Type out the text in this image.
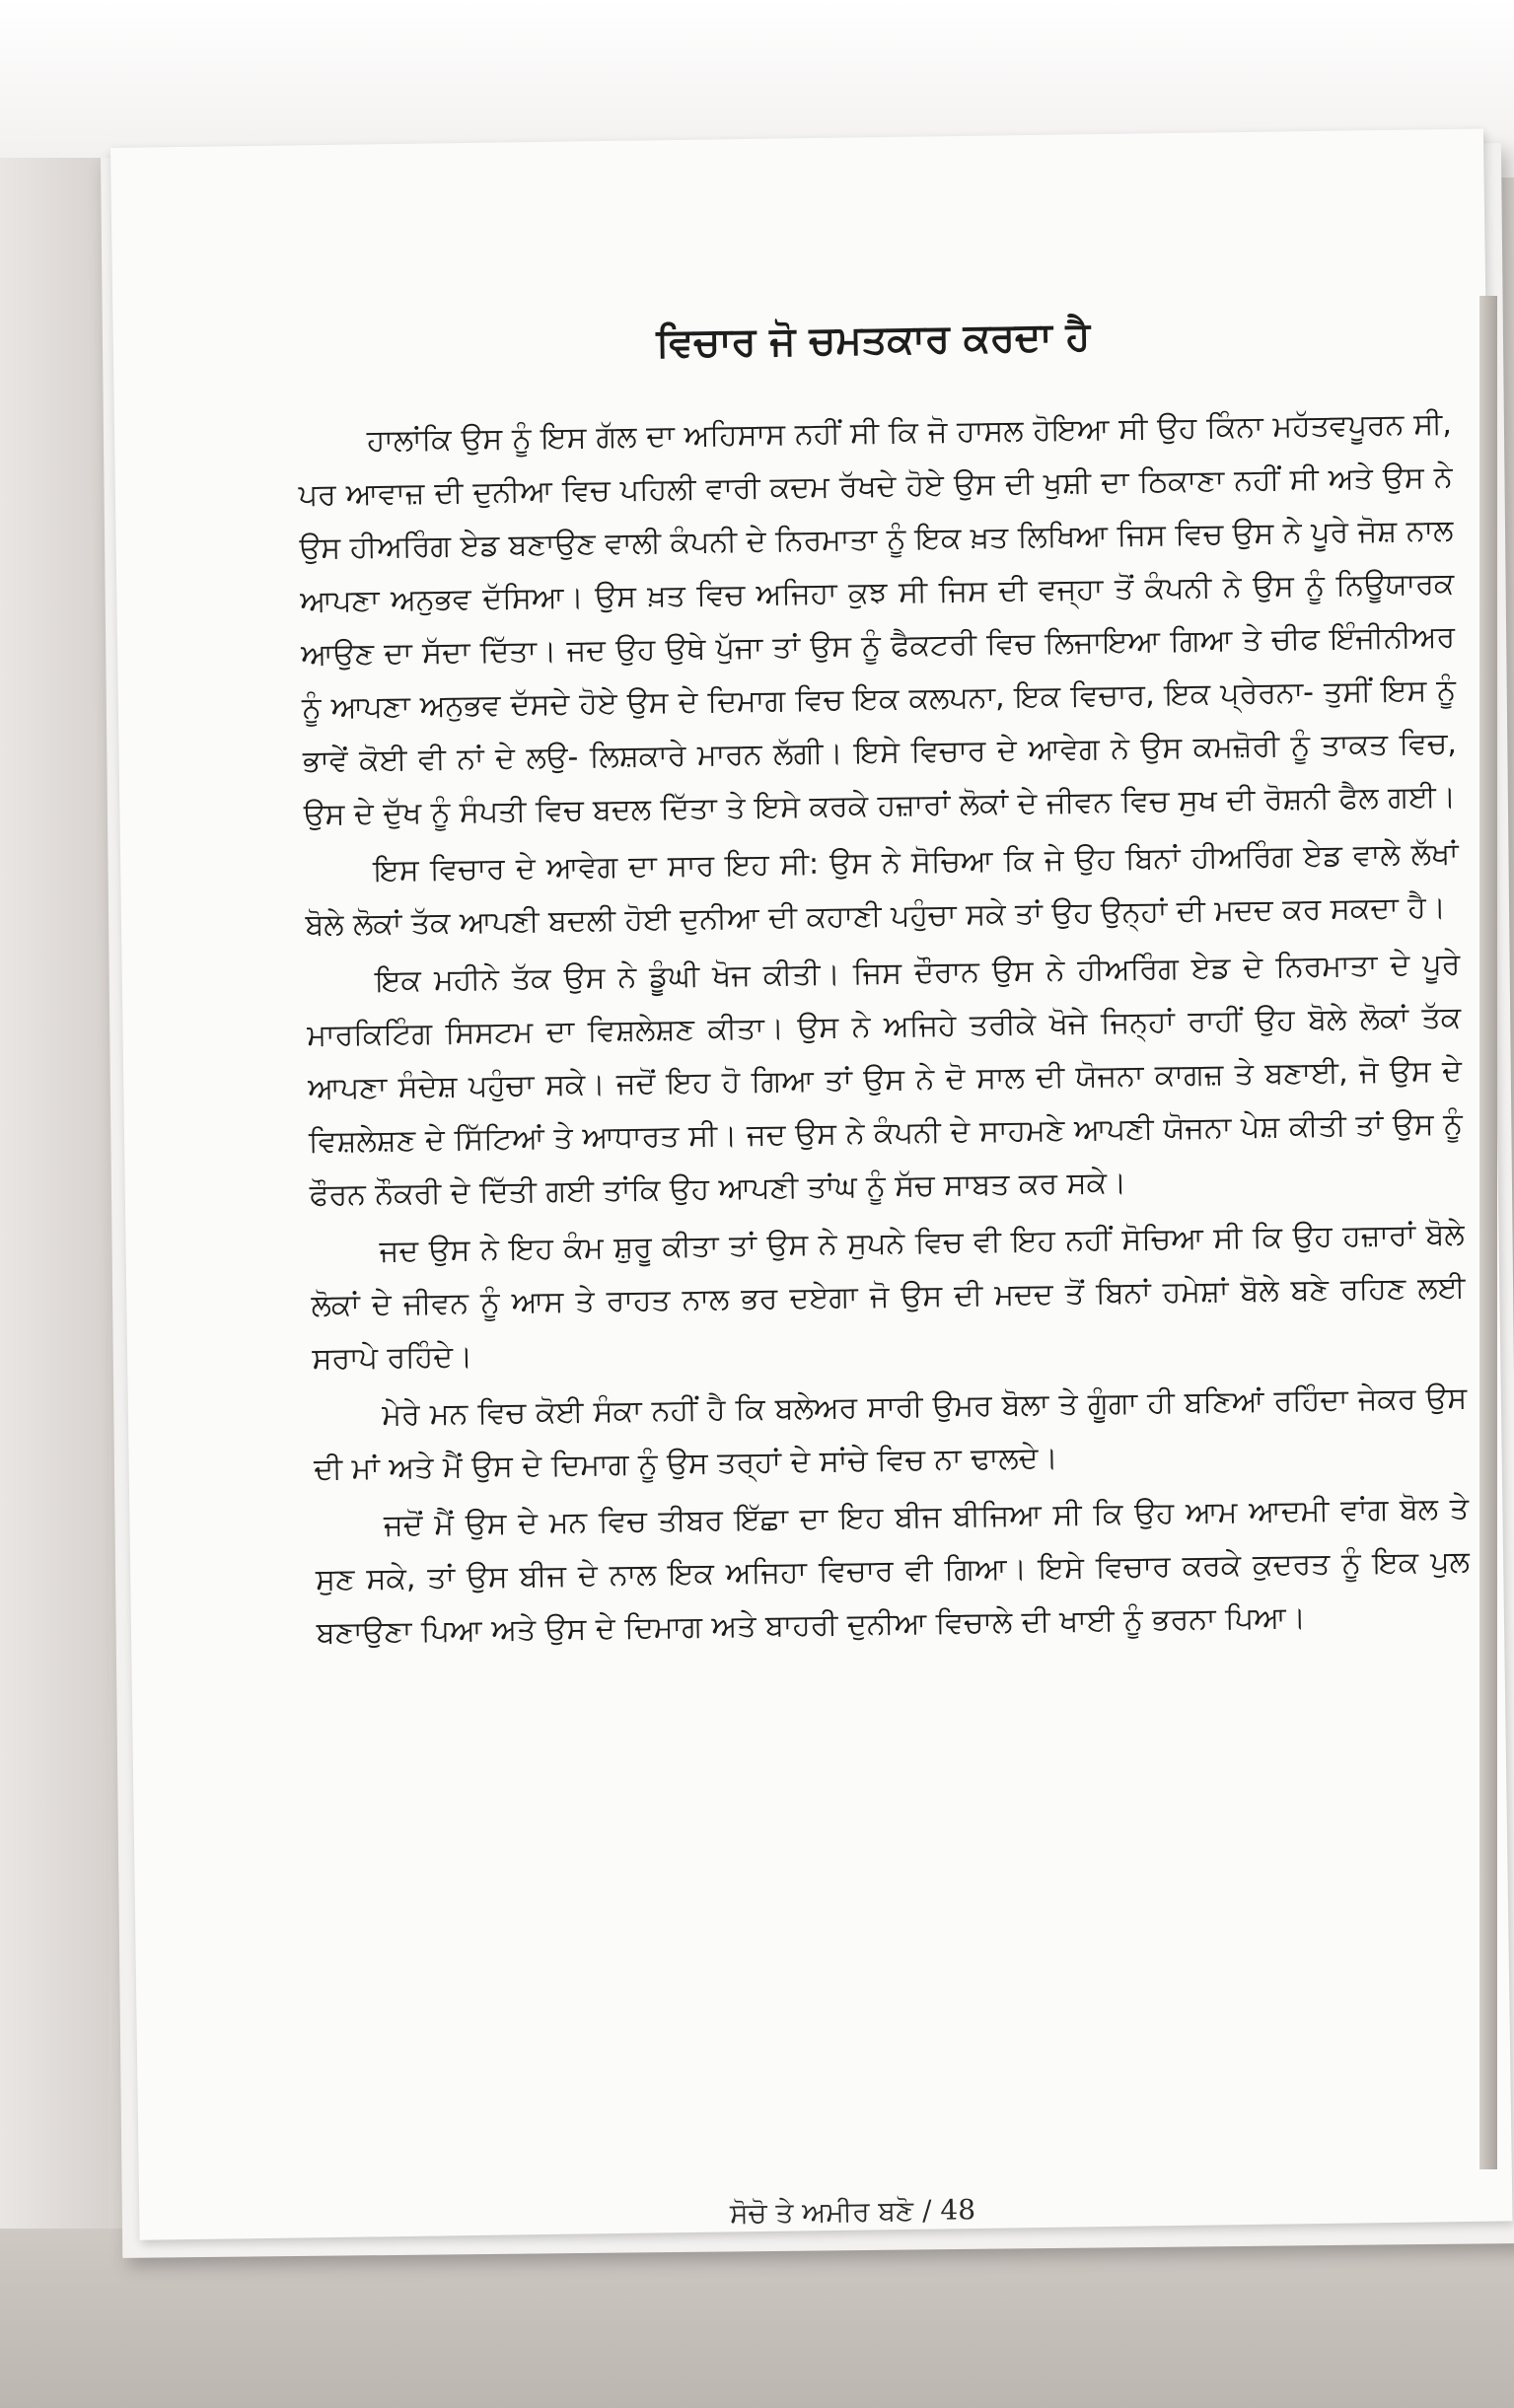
ਵਿਚਾਰ ਜੋ ਚਮਤਕਾਰ ਕਰਦਾ ਹੈ

ਹਾਲਾਂਕਿ ਉਸ ਨੂੰ ਇਸ ਗੱਲ ਦਾ ਅਹਿਸਾਸ ਨਹੀਂ ਸੀ ਕਿ ਜੋ ਹਾਸਲ ਹੋਇਆ ਸੀ ਉਹ ਕਿੰਨਾ ਮਹੱਤਵਪੂਰਨ ਸੀ, ਪਰ ਆਵਾਜ਼ ਦੀ ਦੁਨੀਆ ਵਿਚ ਪਹਿਲੀ ਵਾਰੀ ਕਦਮ ਰੱਖਦੇ ਹੋਏ ਉਸ ਦੀ ਖੁਸ਼ੀ ਦਾ ਠਿਕਾਣਾ ਨਹੀਂ ਸੀ ਅਤੇ ਉਸ ਨੇ ਉਸ ਹੀਅਰਿੰਗ ਏਡ ਬਣਾਉਣ ਵਾਲੀ ਕੰਪਨੀ ਦੇ ਨਿਰਮਾਤਾ ਨੂੰ ਇਕ ਖ਼ਤ ਲਿਖਿਆ ਜਿਸ ਵਿਚ ਉਸ ਨੇ ਪੂਰੇ ਜੋਸ਼ ਨਾਲ ਆਪਣਾ ਅਨੁਭਵ ਦੱਸਿਆ। ਉਸ ਖ਼ਤ ਵਿਚ ਅਜਿਹਾ ਕੁਝ ਸੀ ਜਿਸ ਦੀ ਵਜ੍ਹਾ ਤੋਂ ਕੰਪਨੀ ਨੇ ਉਸ ਨੂੰ ਨਿਊਯਾਰਕ ਆਉਣ ਦਾ ਸੱਦਾ ਦਿੱਤਾ। ਜਦ ਉਹ ਉਥੇ ਪੁੱਜਾ ਤਾਂ ਉਸ ਨੂੰ ਫੈਕਟਰੀ ਵਿਚ ਲਿਜਾਇਆ ਗਿਆ ਤੇ ਚੀਫ ਇੰਜੀਨੀਅਰ ਨੂੰ ਆਪਣਾ ਅਨੁਭਵ ਦੱਸਦੇ ਹੋਏ ਉਸ ਦੇ ਦਿਮਾਗ ਵਿਚ ਇਕ ਕਲਪਨਾ, ਇਕ ਵਿਚਾਰ, ਇਕ ਪ੍ਰੇਰਨਾ- ਤੁਸੀਂ ਇਸ ਨੂੰ ਭਾਵੇਂ ਕੋਈ ਵੀ ਨਾਂ ਦੇ ਲਉ- ਲਿਸ਼ਕਾਰੇ ਮਾਰਨ ਲੱਗੀ। ਇਸੇ ਵਿਚਾਰ ਦੇ ਆਵੇਗ ਨੇ ਉਸ ਕਮਜ਼ੋਰੀ ਨੂੰ ਤਾਕਤ ਵਿਚ, ਉਸ ਦੇ ਦੁੱਖ ਨੂੰ ਸੰਪਤੀ ਵਿਚ ਬਦਲ ਦਿੱਤਾ ਤੇ ਇਸੇ ਕਰਕੇ ਹਜ਼ਾਰਾਂ ਲੋਕਾਂ ਦੇ ਜੀਵਨ ਵਿਚ ਸੁਖ ਦੀ ਰੋਸ਼ਨੀ ਫੈਲ ਗਈ।

ਇਸ ਵਿਚਾਰ ਦੇ ਆਵੇਗ ਦਾ ਸਾਰ ਇਹ ਸੀ: ਉਸ ਨੇ ਸੋਚਿਆ ਕਿ ਜੇ ਉਹ ਬਿਨਾਂ ਹੀਅਰਿੰਗ ਏਡ ਵਾਲੇ ਲੱਖਾਂ ਬੋਲੇ ਲੋਕਾਂ ਤੱਕ ਆਪਣੀ ਬਦਲੀ ਹੋਈ ਦੁਨੀਆ ਦੀ ਕਹਾਣੀ ਪਹੁੰਚਾ ਸਕੇ ਤਾਂ ਉਹ ਉਨ੍ਹਾਂ ਦੀ ਮਦਦ ਕਰ ਸਕਦਾ ਹੈ।

ਇਕ ਮਹੀਨੇ ਤੱਕ ਉਸ ਨੇ ਡੂੰਘੀ ਖੋਜ ਕੀਤੀ। ਜਿਸ ਦੌਰਾਨ ਉਸ ਨੇ ਹੀਅਰਿੰਗ ਏਡ ਦੇ ਨਿਰਮਾਤਾ ਦੇ ਪੂਰੇ ਮਾਰਕਿਟਿੰਗ ਸਿਸਟਮ ਦਾ ਵਿਸ਼ਲੇਸ਼ਣ ਕੀਤਾ। ਉਸ ਨੇ ਅਜਿਹੇ ਤਰੀਕੇ ਖੋਜੇ ਜਿਨ੍ਹਾਂ ਰਾਹੀਂ ਉਹ ਬੋਲੇ ਲੋਕਾਂ ਤੱਕ ਆਪਣਾ ਸੰਦੇਸ਼ ਪਹੁੰਚਾ ਸਕੇ। ਜਦੋਂ ਇਹ ਹੋ ਗਿਆ ਤਾਂ ਉਸ ਨੇ ਦੋ ਸਾਲ ਦੀ ਯੋਜਨਾ ਕਾਗਜ਼ ਤੇ ਬਣਾਈ, ਜੋ ਉਸ ਦੇ ਵਿਸ਼ਲੇਸ਼ਣ ਦੇ ਸਿੱਟਿਆਂ ਤੇ ਆਧਾਰਤ ਸੀ। ਜਦ ਉਸ ਨੇ ਕੰਪਨੀ ਦੇ ਸਾਹਮਣੇ ਆਪਣੀ ਯੋਜਨਾ ਪੇਸ਼ ਕੀਤੀ ਤਾਂ ਉਸ ਨੂੰ ਫੌਰਨ ਨੌਕਰੀ ਦੇ ਦਿੱਤੀ ਗਈ ਤਾਂਕਿ ਉਹ ਆਪਣੀ ਤਾਂਘ ਨੂੰ ਸੱਚ ਸਾਬਤ ਕਰ ਸਕੇ।

ਜਦ ਉਸ ਨੇ ਇਹ ਕੰਮ ਸ਼ੁਰੂ ਕੀਤਾ ਤਾਂ ਉਸ ਨੇ ਸੁਪਨੇ ਵਿਚ ਵੀ ਇਹ ਨਹੀਂ ਸੋਚਿਆ ਸੀ ਕਿ ਉਹ ਹਜ਼ਾਰਾਂ ਬੋਲੇ ਲੋਕਾਂ ਦੇ ਜੀਵਨ ਨੂੰ ਆਸ ਤੇ ਰਾਹਤ ਨਾਲ ਭਰ ਦਏਗਾ ਜੋ ਉਸ ਦੀ ਮਦਦ ਤੋਂ ਬਿਨਾਂ ਹਮੇਸ਼ਾਂ ਬੋਲੇ ਬਣੇ ਰਹਿਣ ਲਈ ਸਰਾਪੇ ਰਹਿੰਦੇ।

ਮੇਰੇ ਮਨ ਵਿਚ ਕੋਈ ਸੰਕਾ ਨਹੀਂ ਹੈ ਕਿ ਬਲੇਅਰ ਸਾਰੀ ਉਮਰ ਬੋਲਾ ਤੇ ਗੂੰਗਾ ਹੀ ਬਣਿਆਂ ਰਹਿੰਦਾ ਜੇਕਰ ਉਸ ਦੀ ਮਾਂ ਅਤੇ ਮੈਂ ਉਸ ਦੇ ਦਿਮਾਗ ਨੂੰ ਉਸ ਤਰ੍ਹਾਂ ਦੇ ਸਾਂਚੇ ਵਿਚ ਨਾ ਢਾਲਦੇ।

ਜਦੋਂ ਮੈਂ ਉਸ ਦੇ ਮਨ ਵਿਚ ਤੀਬਰ ਇੱਛਾ ਦਾ ਇਹ ਬੀਜ ਬੀਜਿਆ ਸੀ ਕਿ ਉਹ ਆਮ ਆਦਮੀ ਵਾਂਗ ਬੋਲ ਤੇ ਸੁਣ ਸਕੇ, ਤਾਂ ਉਸ ਬੀਜ ਦੇ ਨਾਲ ਇਕ ਅਜਿਹਾ ਵਿਚਾਰ ਵੀ ਗਿਆ। ਇਸੇ ਵਿਚਾਰ ਕਰਕੇ ਕੁਦਰਤ ਨੂੰ ਇਕ ਪੁਲ ਬਣਾਉਣਾ ਪਿਆ ਅਤੇ ਉਸ ਦੇ ਦਿਮਾਗ ਅਤੇ ਬਾਹਰੀ ਦੁਨੀਆ ਵਿਚਾਲੇ ਦੀ ਖਾਈ ਨੂੰ ਭਰਨਾ ਪਿਆ।

ਸੋਚੋ ਤੇ ਅਮੀਰ ਬਣੋ / 48
